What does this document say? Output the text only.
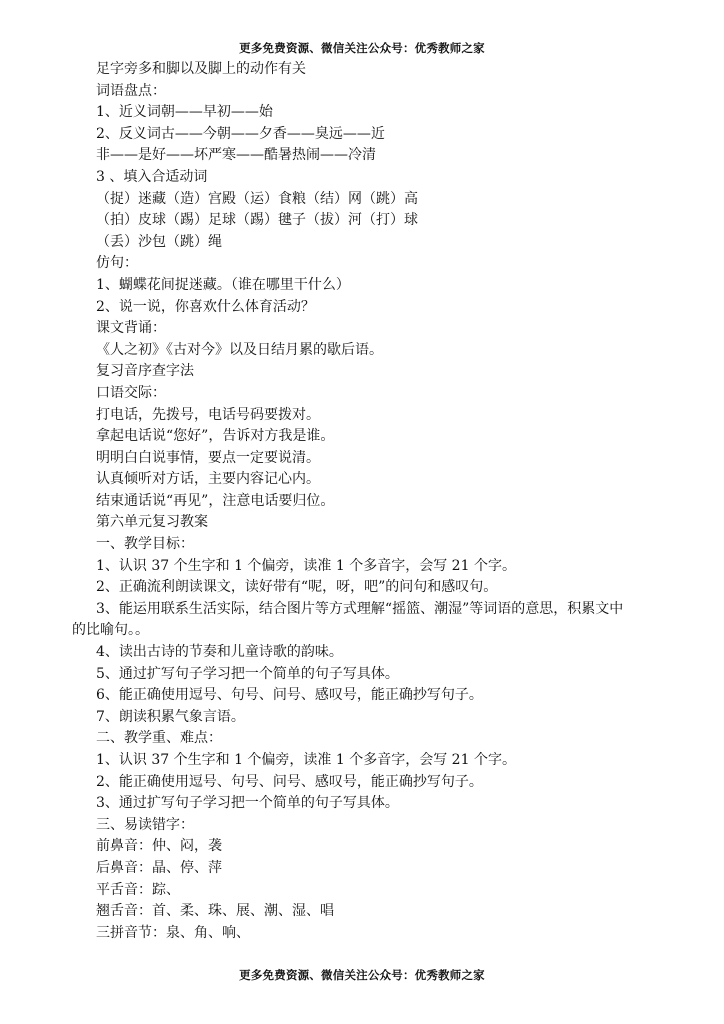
更多免费资源、微信关注公众号：优秀教师之家
足字旁多和脚以及脚上的动作有关
词语盘点：
1、近义词朝——早初——始
2、反义词古——今朝——夕香——臭远——近
非——是好——坏严寒——酷暑热闹——冷清
3 、填入合适动词
（捉）迷藏（造）宫殿（运）食粮（结）网（跳）高
（拍）皮球（踢）足球（踢）毽子（拔）河（打）球
（丢）沙包（跳）绳
仿句：
1、蝴蝶花间捉迷藏。（谁在哪里干什么）
2、说一说，你喜欢什么体育活动？
课文背诵：
《人之初》《古对今》以及日结月累的歇后语。
复习音序查字法
口语交际：
打电话，先拨号，电话号码要拨对。
拿起电话说“您好”，告诉对方我是谁。
明明白白说事情，要点一定要说清。
认真倾听对方话，主要内容记心内。
结束通话说“再见”，注意电话要归位。
第六单元复习教案
一、教学目标：
1、认识 37 个生字和 1 个偏旁，读准 1 个多音字，会写 21 个字。
2、正确流利朗读课文，读好带有“呢，呀，吧”的问句和感叹句。
3、能运用联系生活实际，结合图片等方式理解“摇篮、潮湿”等词语的意思，积累文中
的比喻句。。
4、读出古诗的节奏和儿童诗歌的韵味。
5、通过扩写句子学习把一个简单的句子写具体。
6、能正确使用逗号、句号、问号、感叹号，能正确抄写句子。
7、朗读积累气象言语。
二、教学重、难点：
1、认识 37 个生字和 1 个偏旁，读准 1 个多音字，会写 21 个字。
2、能正确使用逗号、句号、问号、感叹号，能正确抄写句子。
3、通过扩写句子学习把一个简单的句子写具体。
三、易读错字：
前鼻音：仲、闷，袭
后鼻音：晶、停、萍
平舌音：踪、
翘舌音：首、柔、珠、展、潮、湿、唱
三拼音节：泉、角、响、
更多免费资源、微信关注公众号：优秀教师之家
